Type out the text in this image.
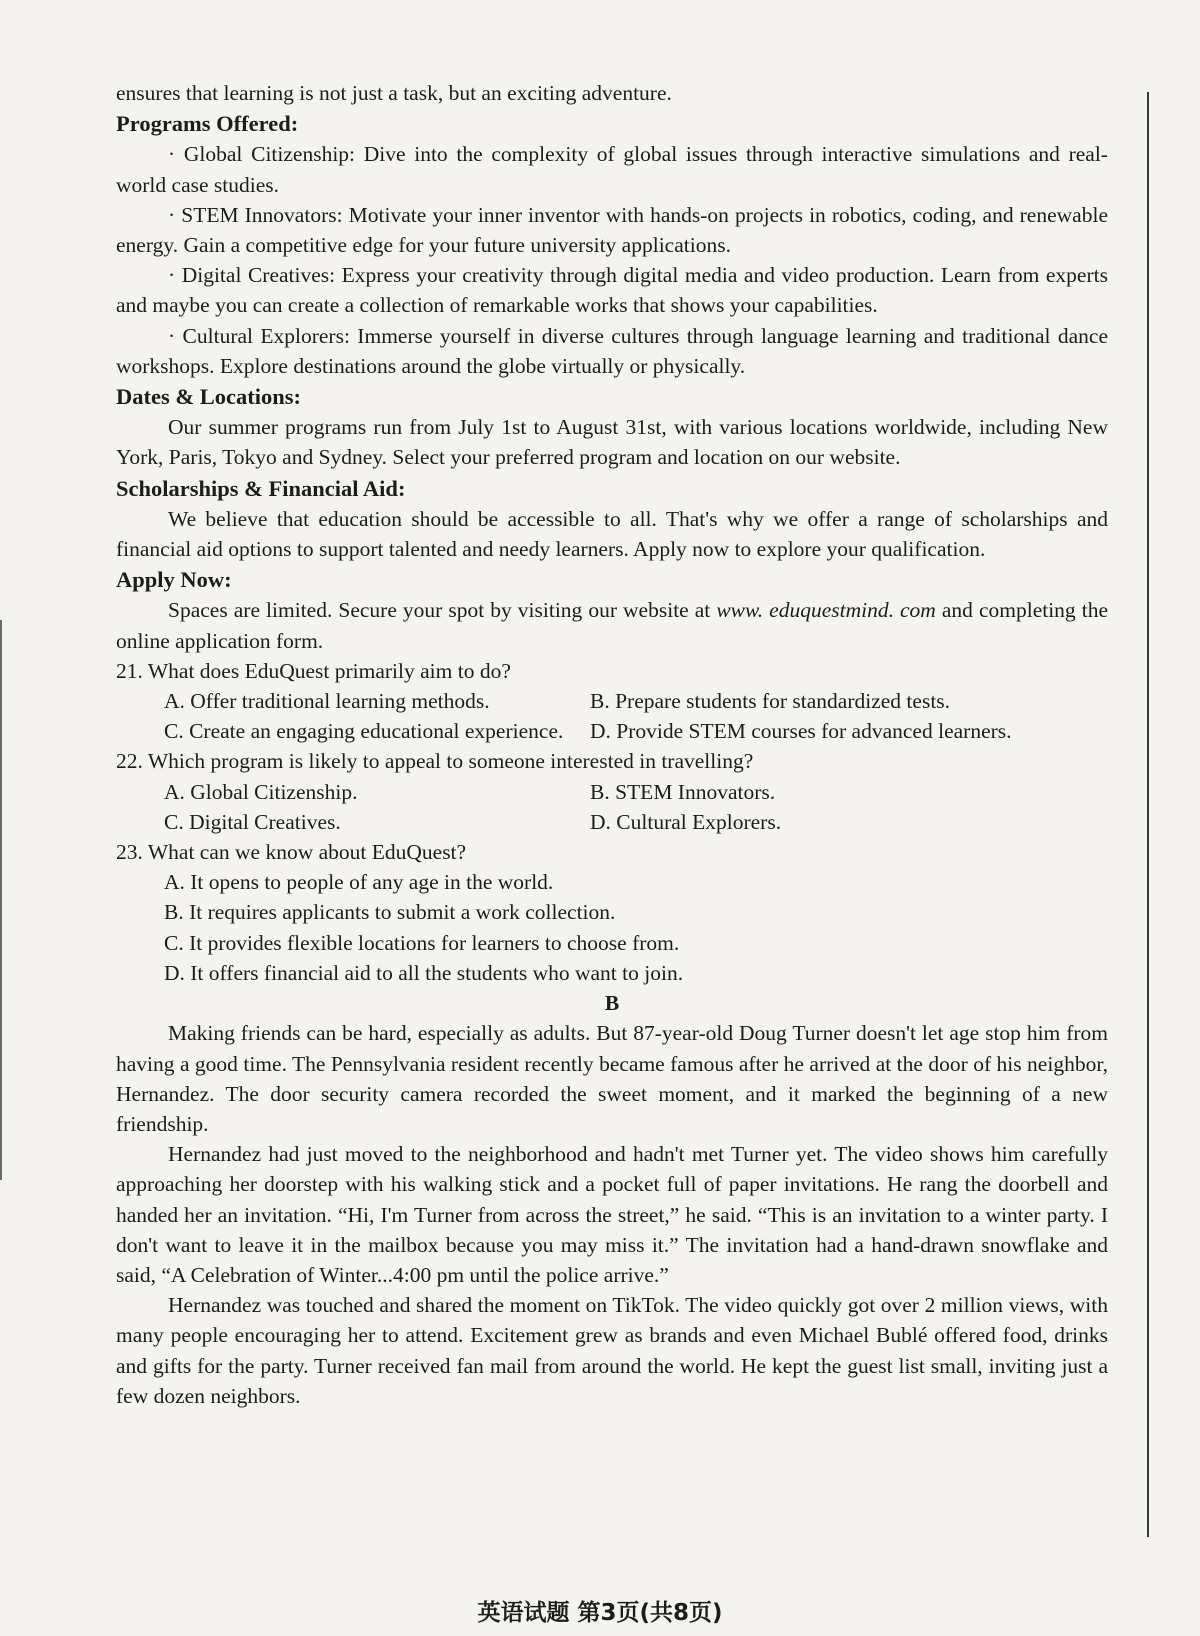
ensures that learning is not just a task, but an exciting adventure.

Programs Offered:

· Global Citizenship: Dive into the complexity of global issues through interactive simulations and real-world case studies.

· STEM Innovators: Motivate your inner inventor with hands-on projects in robotics, coding, and renewable energy. Gain a competitive edge for your future university applications.

· Digital Creatives: Express your creativity through digital media and video production. Learn from experts and maybe you can create a collection of remarkable works that shows your capabilities.

· Cultural Explorers: Immerse yourself in diverse cultures through language learning and traditional dance workshops. Explore destinations around the globe virtually or physically.

Dates & Locations:

Our summer programs run from July 1st to August 31st, with various locations worldwide, including New York, Paris, Tokyo and Sydney. Select your preferred program and location on our website.

Scholarships & Financial Aid:

We believe that education should be accessible to all. That's why we offer a range of scholarships and financial aid options to support talented and needy learners. Apply now to explore your qualification.

Apply Now:

Spaces are limited. Secure your spot by visiting our website at www. eduquestmind. com and completing the online application form.

21. What does EduQuest primarily aim to do?

A. Offer traditional learning methods.	B. Prepare students for standardized tests.
C. Create an engaging educational experience.	D. Provide STEM courses for advanced learners.

22. Which program is likely to appeal to someone interested in travelling?

A. Global Citizenship.	B. STEM Innovators.
C. Digital Creatives.	D. Cultural Explorers.

23. What can we know about EduQuest?

A. It opens to people of any age in the world.

B. It requires applicants to submit a work collection.

C. It provides flexible locations for learners to choose from.

D. It offers financial aid to all the students who want to join.

B

Making friends can be hard, especially as adults. But 87-year-old Doug Turner doesn't let age stop him from having a good time. The Pennsylvania resident recently became famous after he arrived at the door of his neighbor, Hernandez. The door security camera recorded the sweet moment, and it marked the beginning of a new friendship.

Hernandez had just moved to the neighborhood and hadn't met Turner yet. The video shows him carefully approaching her doorstep with his walking stick and a pocket full of paper invitations. He rang the doorbell and handed her an invitation. “Hi, I'm Turner from across the street,” he said. “This is an invitation to a winter party. I don't want to leave it in the mailbox because you may miss it.” The invitation had a hand-drawn snowflake and said, “A Celebration of Winter...4:00 pm until the police arrive.”

Hernandez was touched and shared the moment on TikTok. The video quickly got over 2 million views, with many people encouraging her to attend. Excitement grew as brands and even Michael Bublé offered food, drinks and gifts for the party. Turner received fan mail from around the world. He kept the guest list small, inviting just a few dozen neighbors.

英语试题 第3页(共8页)
